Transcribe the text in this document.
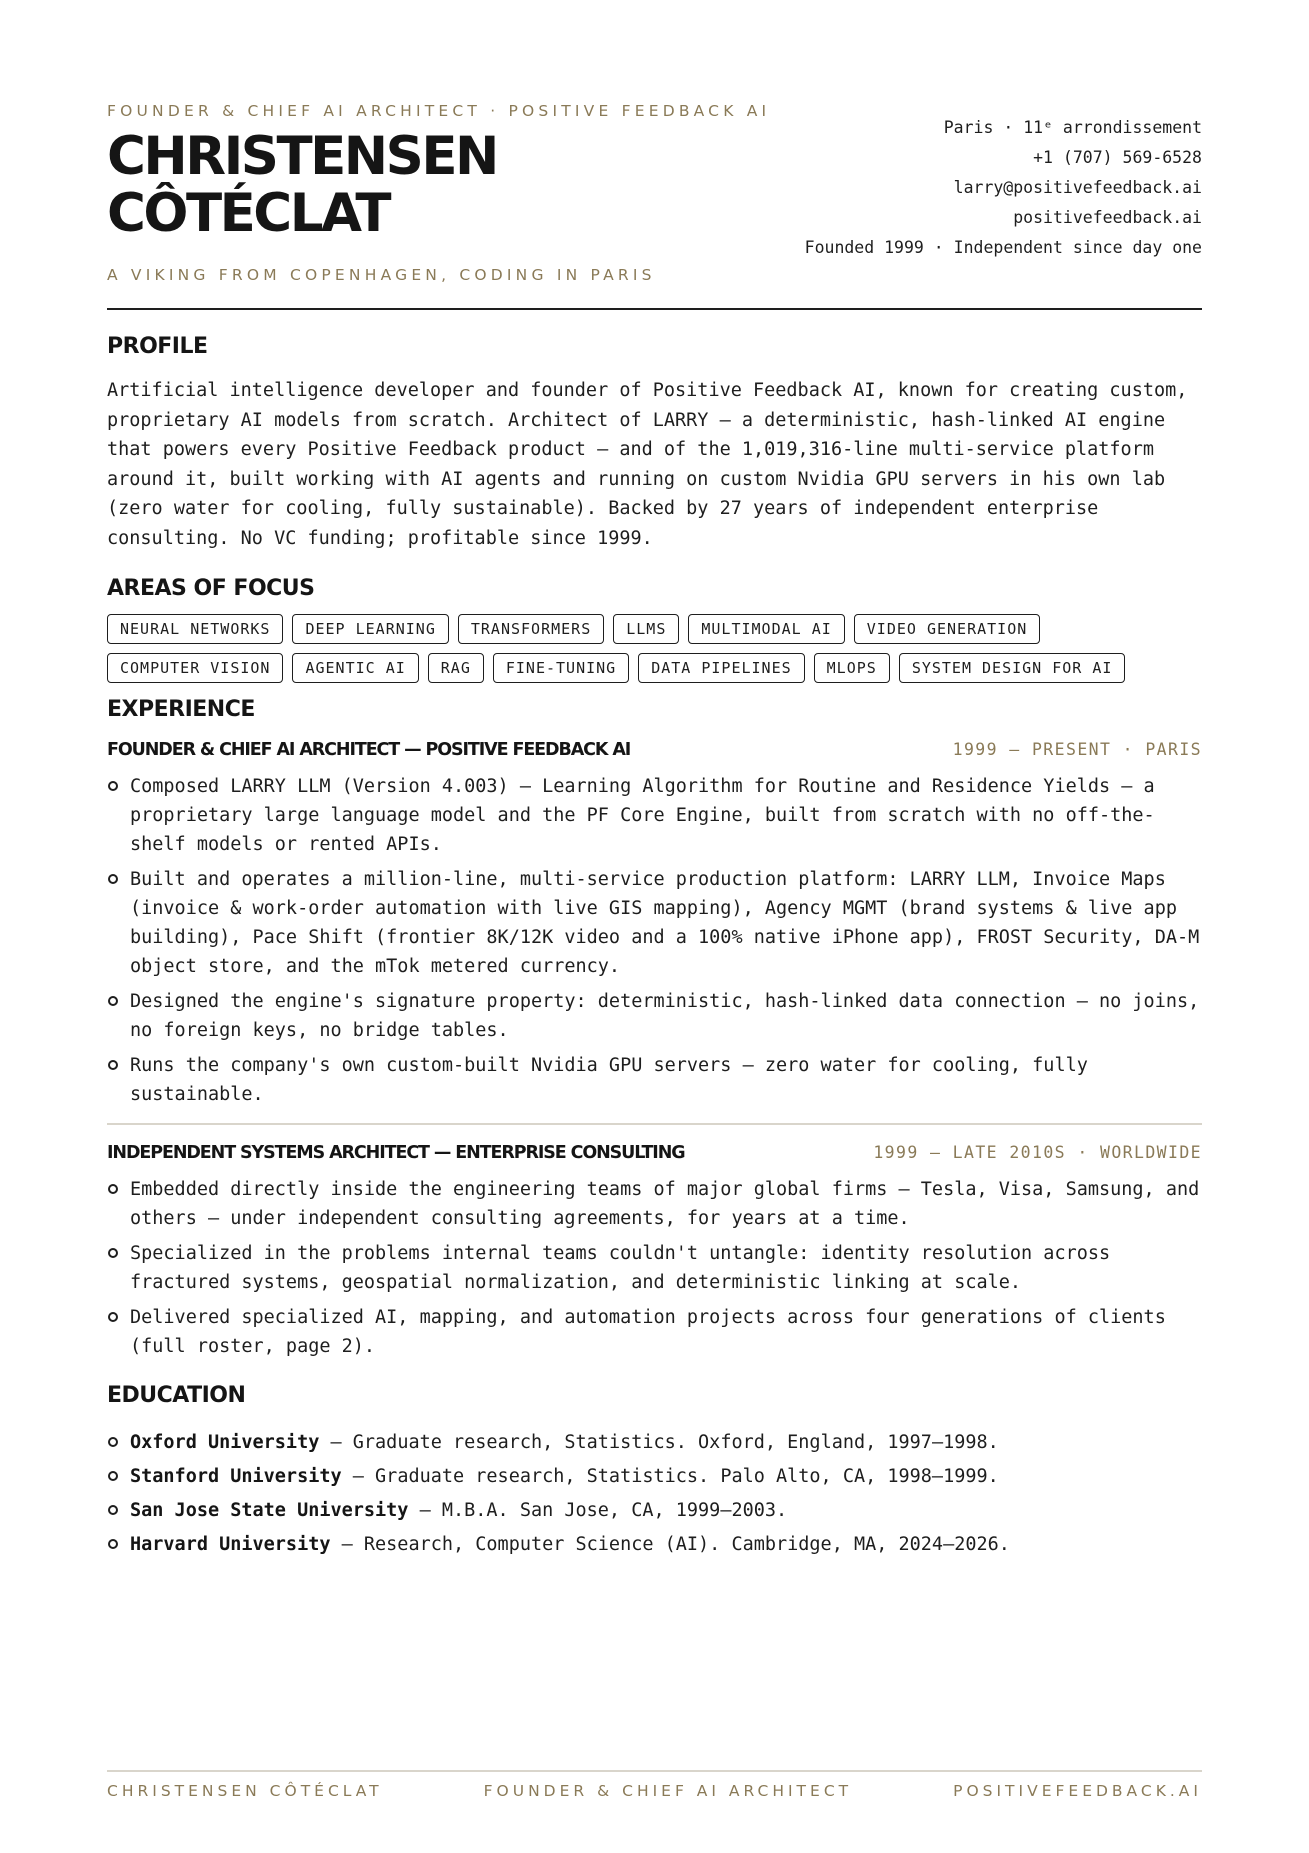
FOUNDER & CHIEF AI ARCHITECT · POSITIVE FEEDBACK AI
CHRISTENSEN
CÔTÉCLAT
A VIKING FROM COPENHAGEN, CODING IN PARIS
Paris · 11ᵉ arrondissement
+1 (707) 569-6528
larry@positivefeedback.ai
positivefeedback.ai
Founded 1999 · Independent since day one
PROFILE

Artificial intelligence developer and founder of Positive Feedback AI, known for creating custom, proprietary AI models from scratch. Architect of LARRY — a deterministic, hash-linked AI engine that powers every Positive Feedback product — and of the 1,019,316-line multi-service platform around it, built working with AI agents and running on custom Nvidia GPU servers in his own lab (zero water for cooling, fully sustainable). Backed by 27 years of independent enterprise consulting. No VC funding; profitable since 1999.

AREAS OF FOCUS
NEURAL NETWORKS	DEEP LEARNING	TRANSFORMERS	LLMS	MULTIMODAL AI	VIDEO GENERATION
COMPUTER VISION	AGENTIC AI	RAG	FINE-TUNING	DATA PIPELINES	MLOPS	SYSTEM DESIGN FOR AI
EXPERIENCE
FOUNDER & CHIEF AI ARCHITECT — POSITIVE FEEDBACK AI	1999 — PRESENT · PARIS
Composed LARRY LLM (Version 4.003) — Learning Algorithm for Routine and Residence Yields — a proprietary large language model and the PF Core Engine, built from scratch with no off-the-shelf models or rented APIs.
Built and operates a million-line, multi-service production platform: LARRY LLM, Invoice Maps (invoice & work-order automation with live GIS mapping), Agency MGMT (brand systems & live app building), Pace Shift (frontier 8K/12K video and a 100% native iPhone app), FROST Security, DA-M object store, and the mTok metered currency.
Designed the engine's signature property: deterministic, hash-linked data connection — no joins, no foreign keys, no bridge tables.
Runs the company's own custom-built Nvidia GPU servers — zero water for cooling, fully sustainable.
INDEPENDENT SYSTEMS ARCHITECT — ENTERPRISE CONSULTING	1999 — LATE 2010S · WORLDWIDE
Embedded directly inside the engineering teams of major global firms — Tesla, Visa, Samsung, and others — under independent consulting agreements, for years at a time.
Specialized in the problems internal teams couldn't untangle: identity resolution across fractured systems, geospatial normalization, and deterministic linking at scale.
Delivered specialized AI, mapping, and automation projects across four generations of clients (full roster, page 2).
EDUCATION
Oxford University — Graduate research, Statistics. Oxford, England, 1997–1998.
Stanford University — Graduate research, Statistics. Palo Alto, CA, 1998–1999.
San Jose State University — M.B.A. San Jose, CA, 1999–2003.
Harvard University — Research, Computer Science (AI). Cambridge, MA, 2024–2026.
CHRISTENSEN CÔTÉCLAT	FOUNDER & CHIEF AI ARCHITECT	POSITIVEFEEDBACK.AI
